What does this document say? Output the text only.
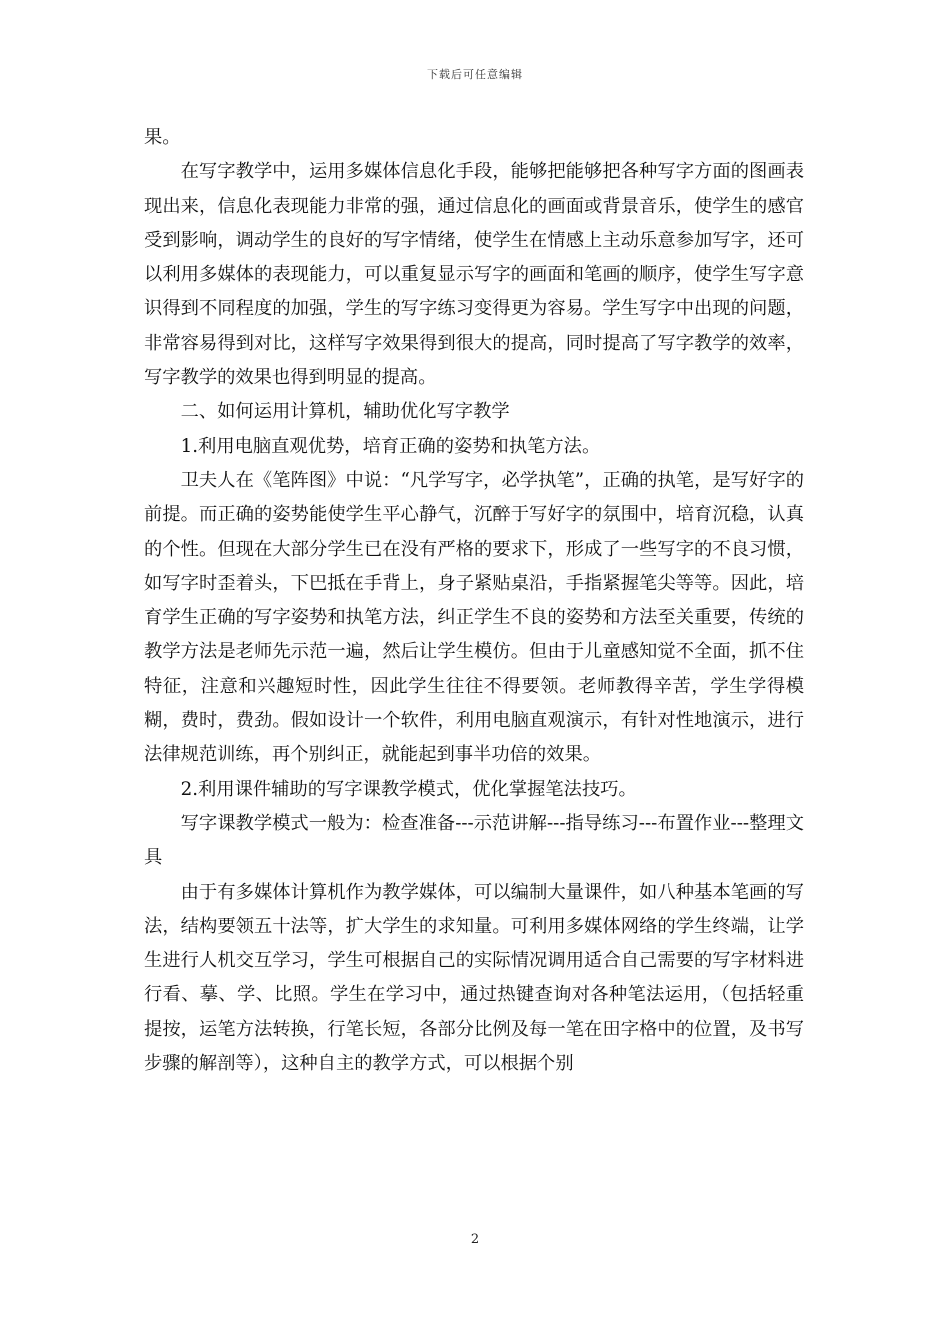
下载后可任意编辑

果。

在写字教学中，运用多媒体信息化手段，能够把能够把各种写字方面的图画表现出来，信息化表现能力非常的强，通过信息化的画面或背景音乐，使学生的感官受到影响，调动学生的良好的写字情绪，使学生在情感上主动乐意参加写字，还可以利用多媒体的表现能力，可以重复显示写字的画面和笔画的顺序，使学生写字意识得到不同程度的加强，学生的写字练习变得更为容易。学生写字中出现的问题，非常容易得到对比，这样写字效果得到很大的提高，同时提高了写字教学的效率，写字教学的效果也得到明显的提高。

二、如何运用计算机，辅助优化写字教学

1.利用电脑直观优势，培育正确的姿势和执笔方法。

卫夫人在《笔阵图》中说：“凡学写字，必学执笔”，正确的执笔，是写好字的前提。而正确的姿势能使学生平心静气，沉醉于写好字的氛围中，培育沉稳，认真的个性。但现在大部分学生已在没有严格的要求下，形成了一些写字的不良习惯，如写字时歪着头，下巴抵在手背上，身子紧贴桌沿，手指紧握笔尖等等。因此，培育学生正确的写字姿势和执笔方法，纠正学生不良的姿势和方法至关重要，传统的教学方法是老师先示范一遍，然后让学生模仿。但由于儿童感知觉不全面，抓不住特征，注意和兴趣短时性，因此学生往往不得要领。老师教得辛苦，学生学得模糊，费时，费劲。假如设计一个软件，利用电脑直观演示，有针对性地演示，进行法律规范训练，再个别纠正，就能起到事半功倍的效果。

2.利用课件辅助的写字课教学模式，优化掌握笔法技巧。

写字课教学模式一般为：检查准备---示范讲解---指导练习---布置作业---整理文具

由于有多媒体计算机作为教学媒体，可以编制大量课件，如八种基本笔画的写法，结构要领五十法等，扩大学生的求知量。可利用多媒体网络的学生终端，让学生进行人机交互学习，学生可根据自己的实际情况调用适合自己需要的写字材料进行看、摹、学、比照。学生在学习中，通过热键查询对各种笔法运用，（包括轻重提按，运笔方法转换，行笔长短，各部分比例及每一笔在田字格中的位置，及书写步骤的解剖等），这种自主的教学方式，可以根据个别

2
